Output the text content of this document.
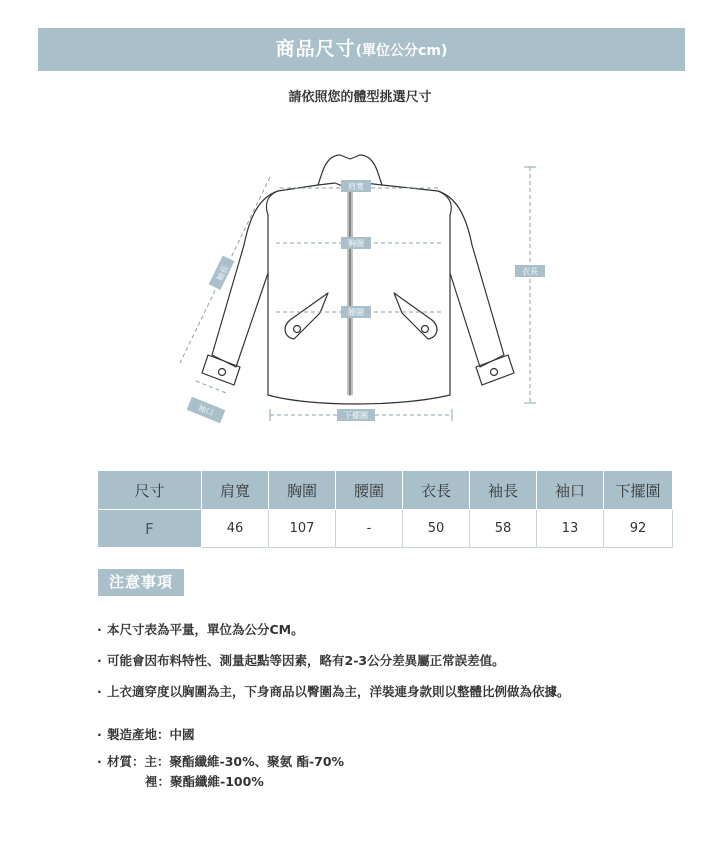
商品尺寸(單位公分cm)
請依照您的體型挑選尺寸
肩寬
胸圍
腰圍
衣長
下擺圍
袖長
袖口
尺寸	肩寬	胸圍	腰圍	衣長	袖長	袖口	下擺圍
F	46	107	-	50	58	13	92
注意事項
· 本尺寸表為平量，單位為公分CM。
· 可能會因布料特性、測量起點等因素，略有2-3公分差異屬正常誤差值。
· 上衣適穿度以胸圍為主，下身商品以臀圍為主，洋裝連身款則以整體比例做為依據。
· 製造產地：中國
· 材質：主：聚酯纖維-30%、聚氨 酯-70%
裡：聚酯纖維-100%
